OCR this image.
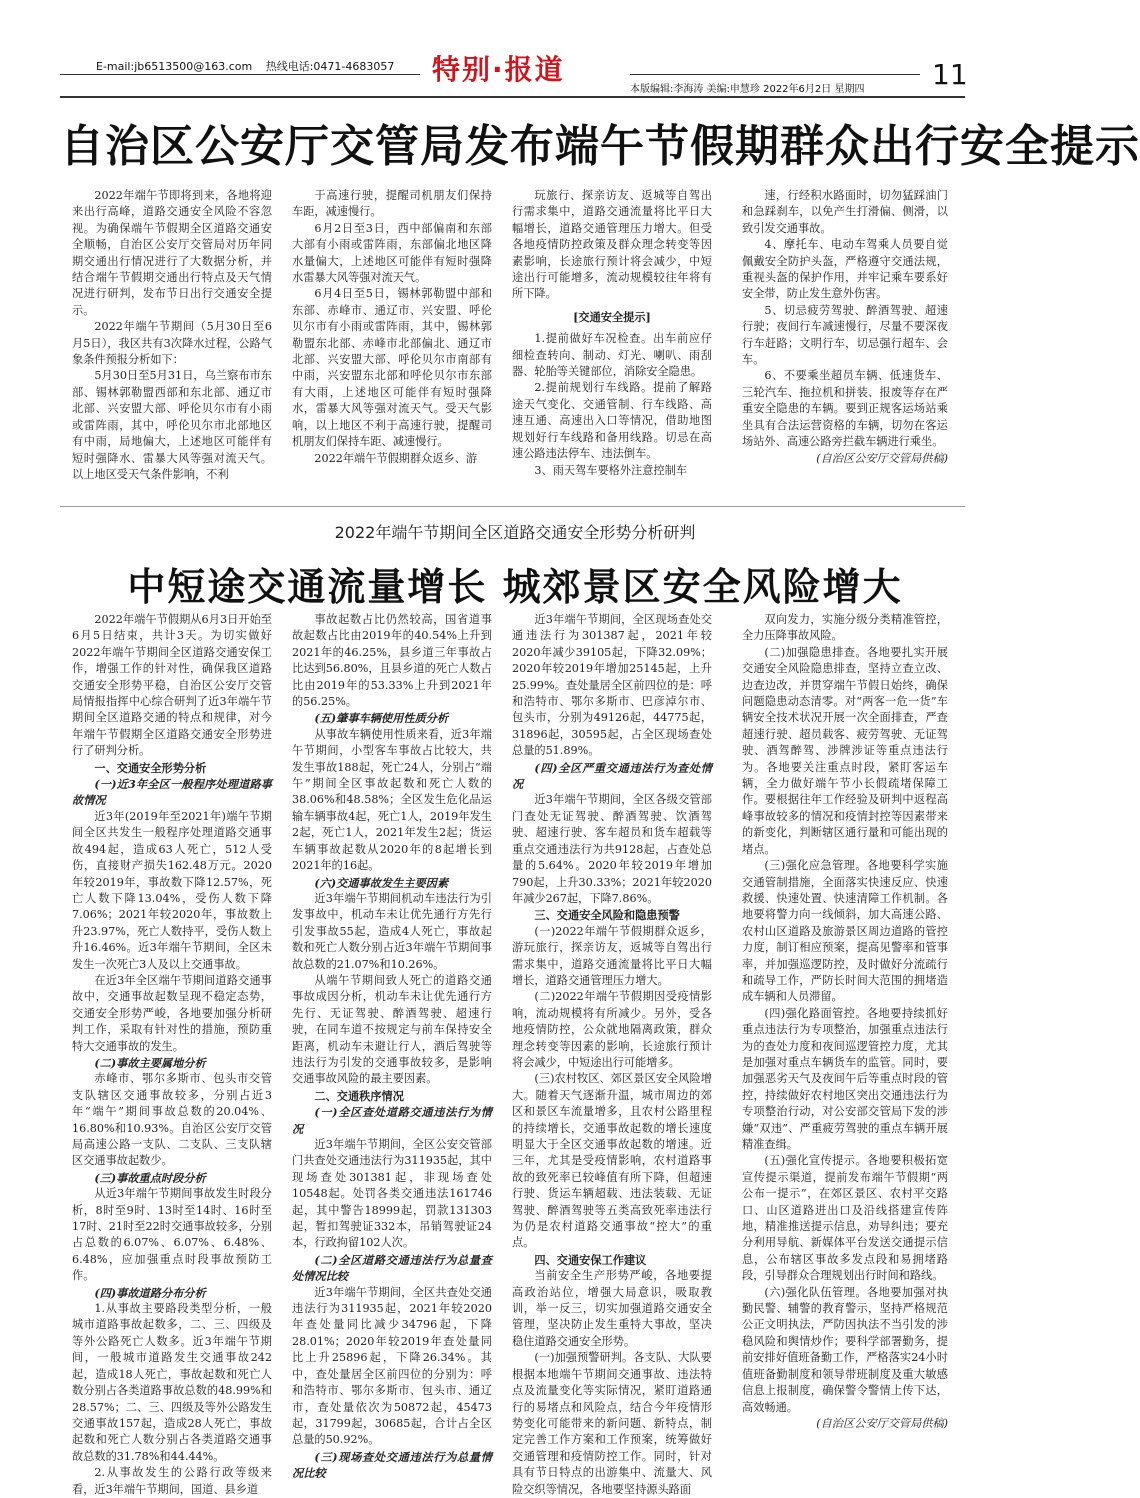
E-mail:jb6513500@163.com 热线电话:0471-4683057	特别·报道
本版编辑:李海涛 美编:申慧珍 2022年6月2日 星期四 11
自治区公安厅交管局发布端午节假期群众出行安全提示

2022年端午节即将到来，各地将迎来出行高峰，道路交通安全风险不容忽视。为确保端午节假期全区道路交通安全顺畅，自治区公安厅交管局对历年同期交通出行情况进行了大数据分析，并结合端午节假期交通出行特点及天气情况进行研判，发布节日出行交通安全提示。

2022年端午节期间（5月30日至6月5日），我区共有3次降水过程，公路气象条件预报分析如下：

5月30日至5月31日，乌兰察布市东部、锡林郭勒盟西部和东北部、通辽市北部、兴安盟大部、呼伦贝尔市有小雨或雷阵雨，其中，呼伦贝尔市北部地区有中雨，局地偏大，上述地区可能伴有短时强降水、雷暴大风等强对流天气。以上地区受天气条件影响，不利

于高速行驶，提醒司机朋友们保持车距，减速慢行。

6月2日至3日，西中部偏南和东部大部有小雨或雷阵雨，东部偏北地区降水量偏大，上述地区可能伴有短时强降水雷暴大风等强对流天气。

6月4日至5日，锡林郭勒盟中部和东部、赤峰市、通辽市、兴安盟、呼伦贝尔市有小雨或雷阵雨，其中，锡林郭勒盟东北部、赤峰市北部偏北、通辽市北部、兴安盟大部、呼伦贝尔市南部有中雨，兴安盟东北部和呼伦贝尔市东部有大雨，上述地区可能伴有短时强降水，雷暴大风等强对流天气。受天气影响，以上地区不利于高速行驶，提醒司机朋友们保持车距、减速慢行。

2022年端午节假期群众返乡、游

玩旅行、探亲访友、返城等自驾出行需求集中，道路交通流量将比平日大幅增长，道路交通管理压力增大。但受各地疫情防控政策及群众理念转变等因素影响，长途旅行预计将会减少，中短途出行可能增多，流动规模较往年将有所下降。

[交通安全提示]

1.提前做好车况检查。出车前应仔细检查转向、制动、灯光、喇叭、雨刮器、轮胎等关键部位，消除安全隐患。

2.提前规划行车线路。提前了解路途天气变化、交通管制、行车线路、高速互通、高速出入口等情况，借助地图规划好行车线路和备用线路。切忌在高速公路违法停车、违法倒车。

3、雨天驾车要格外注意控制车

速，行经积水路面时，切勿猛踩油门和急踩刹车，以免产生打滑偏、侧滑，以致引发交通事故。

4、摩托车、电动车驾乘人员要自觉佩戴安全防护头盔，严格遵守交通法规，重视头盔的保护作用，并牢记乘车要系好安全带，防止发生意外伤害。

5、切忌疲劳驾驶、醉酒驾驶、超速行驶；夜间行车减速慢行，尽量不要深夜行车赶路；文明行车，切忌强行超车、会车。

6、不要乘坐超员车辆、低速货车、三轮汽车、拖拉机和拼装、报废等存在严重安全隐患的车辆。要到正规客运场站乘坐具有合法运营资格的车辆，切勿在客运场站外、高速公路旁拦截车辆进行乘坐。

(自治区公安厅交管局供稿)

2022年端午节期间全区道路交通安全形势分析研判
中短途交通流量增长 城郊景区安全风险增大

2022年端午节假期从6月3日开始至6月5日结束，共计3天。为切实做好2022年端午节期间全区道路交通安保工作，增强工作的针对性，确保我区道路交通安全形势平稳，自治区公安厅交管局情报指挥中心综合研判了近3年端午节期间全区道路交通的特点和规律，对今年端午节假期全区道路交通安全形势进行了研判分析。

一、交通安全形势分析

(一)近3年全区一般程序处理道路事故情况

近3年(2019年至2021年)端午节期间全区共发生一般程序处理道路交通事故494起，造成63人死亡，512人受伤，直接财产损失162.48万元。2020年较2019年，事故数下降12.57%，死亡人数下降13.04%，受伤人数下降7.06%；2021年较2020年，事故数上升23.97%，死亡人数持平，受伤人数上升16.46%。近3年端午节期间，全区未发生一次死亡3人及以上交通事故。

在近3年全区端午节期间道路交通事故中，交通事故起数呈现不稳定态势，交通安全形势严峻，各地要加强分析研判工作，采取有针对性的措施，预防重特大交通事故的发生。

(二)事故主要属地分析

赤峰市、鄂尔多斯市、包头市交管支队辖区交通事故较多，分别占近3年“端午”期间事故总数的20.04%、16.80%和10.93%。自治区公安厅交管局高速公路一支队、二支队、三支队辖区交通事故起数少。

(三)事故重点时段分析

从近3年端午节期间事故发生时段分析，8时至9时、13时至14时、16时至17时、21时至22时交通事故较多，分别占总数的6.07%、6.07%、6.48%、6.48%，应加强重点时段事故预防工作。

(四)事故道路分布分析

1.从事故主要路段类型分析，一般城市道路事故起数多，二、三、四级及等外公路死亡人数多。近3年端午节期间，一般城市道路发生交通事故242起，造成18人死亡，事故起数和死亡人数分别占各类道路事故总数的48.99%和28.57%；二、三、四级及等外公路发生交通事故157起，造成28人死亡，事故起数和死亡人数分别占各类道路交通事故总数的31.78%和44.44%。

2.从事故发生的公路行政等级来看，近3年端午节期间，国道、县乡道

事故起数占比仍然较高，国省道事故起数占比由2019年的40.54%上升到2021年的46.25%，县乡道三年事故占比达到56.80%，且县乡道的死亡人数占比由2019年的53.33%上升到2021年的56.25%。

(五)肇事车辆使用性质分析

从事故车辆使用性质来看，近3年端午节期间，小型客车事故占比较大，共发生事故188起，死亡24人，分别占“端午”期间全区事故起数和死亡人数的38.06%和48.58%；全区发生危化品运输车辆事故4起，死亡1人，2019年发生2起，死亡1人，2021年发生2起；货运车辆事故起数从2020年的8起增长到2021年的16起。

(六)交通事故发生主要因素

近3年端午节期间机动车违法行为引发事故中，机动车未让优先通行方先行引发事故55起，造成4人死亡，事故起数和死亡人数分别占近3年端午节期间事故总数的21.07%和10.26%。

从端午节期间致人死亡的道路交通事故成因分析，机动车未让优先通行方先行、无证驾驶、醉酒驾驶、超速行驶，在同车道不按规定与前车保持安全距离，机动车未避让行人，酒后驾驶等违法行为引发的交通事故较多，是影响交通事故风险的最主要因素。

二、交通秩序情况

(一)全区查处道路交通违法行为情况

近3年端午节期间，全区公安交管部门共查处交通违法行为311935起，其中现场查处301381起，非现场查处10548起。处罚各类交通违法161746起，其中警告18999起，罚款131303起，暂扣驾驶证332本，吊销驾驶证24本，行政拘留102人次。

(二)全区道路交通违法行为总量查处情况比较

近3年端午节期间，全区共查处交通违法行为311935起，2021年较2020年查处量同比减少34796起，下降28.01%；2020年较2019年查处量同比上升25896起，下降26.34%。其中，查处量居全区前四位的分别为：呼和浩特市、鄂尔多斯市、包头市、通辽市，查处量依次为50872起，45473起，31799起，30685起，合计占全区总量的50.92%。

(三)现场查处交通违法行为总量情况比较

近3年端午节期间，全区现场查处交通违法行为301387起，2021年较2020年减少39105起，下降32.09%；2020年较2019年增加25145起，上升25.99%。查处量居全区前四位的是：呼和浩特市、鄂尔多斯市、巴彦淖尔市、包头市，分别为49126起，44775起，31896起，30595起，占全区现场查处总量的51.89%。

(四)全区严重交通违法行为查处情况

近3年端午节期间，全区各级交管部门查处无证驾驶、醉酒驾驶、饮酒驾驶、超速行驶、客车超员和货车超载等重点交通违法行为共9128起，占查处总量的5.64%。2020年较2019年增加790起，上升30.33%；2021年较2020年减少267起，下降7.86%。

三、交通安全风险和隐患预警

(一)2022年端午节假期群众返乡，游玩旅行，探亲访友，返城等自驾出行需求集中，道路交通流量将比平日大幅增长，道路交通管理压力增大。

(二)2022年端午节假期因受疫情影响，流动规模将有所减少。另外，受各地疫情防控，公众就地隔离政策，群众理念转变等因素的影响，长途旅行预计将会减少，中短途出行可能增多。

(三)农村牧区、郊区景区安全风险增大。随着天气逐渐升温，城市周边的郊区和景区车流量增多，且农村公路里程的持续增长，交通事故起数的增长速度明显大于全区交通事故起数的增速。近三年，尤其是受疫情影响，农村道路事故的致死率已较峰值有所下降，但超速行驶、货运车辆超载、违法装载、无证驾驶、醉酒驾驶等五类高致死率违法行为仍是农村道路交通事故“控大”的重点。

四、交通安保工作建议

当前安全生产形势严峻，各地要提高政治站位，增强大局意识，吸取教训，举一反三，切实加强道路交通安全管理，坚决防止发生重特大事故，坚决稳住道路交通安全形势。

(一)加强预警研判。各支队、大队要根据本地端午节期间交通事故、违法特点及流量变化等实际情况，紧盯道路通行的易堵点和风险点，结合今年疫情形势变化可能带来的新问题、新特点，制定完善工作方案和工作预案，统筹做好交通管理和疫情防控工作。同时，针对具有节日特点的出游集中、流量大、风险交织等情况，各地要坚持源头路面

双向发力，实施分级分类精准管控，全力压降事故风险。

(二)加强隐患排查。各地要扎实开展交通安全风险隐患排查，坚持立查立改、边查边改，并贯穿端午节假日始终，确保问题隐患动态清零。对“两客一危一货”车辆安全技术状况开展一次全面排查，严查超速行驶、超员载客、疲劳驾驶、无证驾驶、酒驾醉驾、涉牌涉证等重点违法行为。各地要关注重点时段，紧盯客运车辆，全力做好端午节小长假疏堵保障工作。要根据往年工作经验及研判中返程高峰事故较多的情况和疫情封控等因素带来的新变化，判断辖区通行量和可能出现的堵点。

(三)强化应急管理。各地要科学实施交通管制措施，全面落实快速反应、快速救援、快速处置、快速清障工作机制。各地要将警力向一线倾斜，加大高速公路、农村山区道路及旅游景区周边道路的管控力度，制订相应预案，提高见警率和管事率，并加强巡逻防控，及时做好分流疏行和疏导工作，严防长时间大范围的拥堵造成车辆和人员滞留。

(四)强化路面管控。各地要持续抓好重点违法行为专项整治，加强重点违法行为的查处力度和夜间巡逻管控力度，尤其是加强对重点车辆货车的监管。同时，要加强恶劣天气及夜间午后等重点时段的管控，持续做好农村地区突出交通违法行为专项整治行动，对公安部交管局下发的涉嫌“双违”、严重疲劳驾驶的重点车辆开展精准查缉。

(五)强化宣传提示。各地要积极拓宽宣传提示渠道，提前发布端午节假期“两公布一提示”，在郊区景区、农村平交路口、山区道路进出口及沿线搭建宣传阵地，精准推送提示信息，劝导纠违；要充分利用导航、新媒体平台发送交通提示信息，公布辖区事故多发点段和易拥堵路段，引导群众合理规划出行时间和路线。

(六)强化队伍管理。各地要加强对执勤民警、辅警的教育警示，坚持严格规范公正文明执法，严防因执法不当引发的涉稳风险和舆情炒作；要科学部署勤务，提前安排好值班备勤工作，严格落实24小时值班备勤制度和领导带班制度及重大敏感信息上报制度，确保警令警情上传下达，高效畅通。

(自治区公安厅交管局供稿)
